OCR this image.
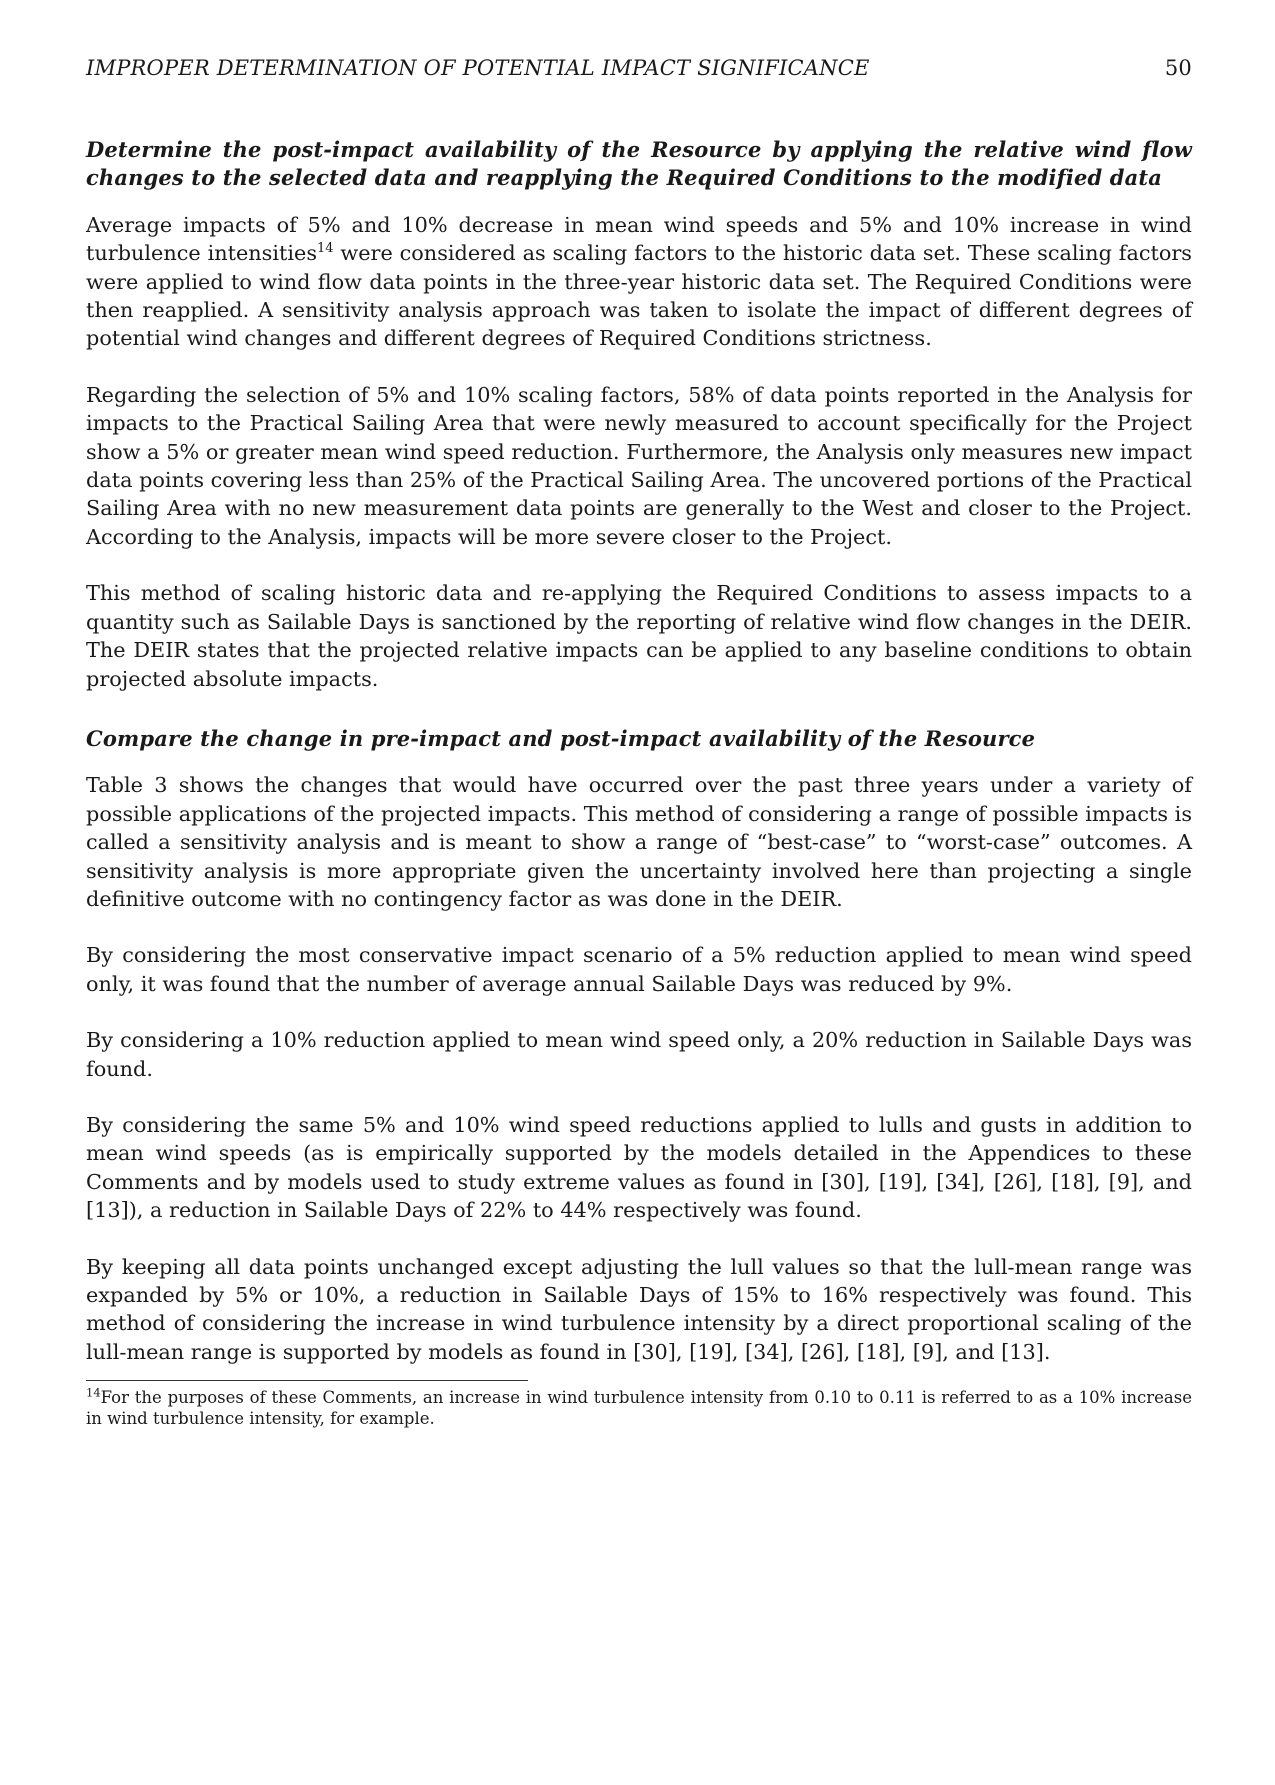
IMPROPER DETERMINATION OF POTENTIAL IMPACT SIGNIFICANCE	50
Determine the post-impact availability of the Resource by applying the relative wind flow changes to the selected data and reapplying the Required Conditions to the modified data

Average impacts of 5% and 10% decrease in mean wind speeds and 5% and 10% increase in wind turbulence intensities$^{14}$ were considered as scaling factors to the historic data set. These scaling factors were applied to wind flow data points in the three-year historic data set. The Required Conditions were then reapplied. A sensitivity analysis approach was taken to isolate the impact of different degrees of potential wind changes and different degrees of Required Conditions strictness.

Regarding the selection of 5% and 10% scaling factors, 58% of data points reported in the Analysis for impacts to the Practical Sailing Area that were newly measured to account specifically for the Project show a 5% or greater mean wind speed reduction. Furthermore, the Analysis only measures new impact data points covering less than 25% of the Practical Sailing Area. The uncovered portions of the Practical Sailing Area with no new measurement data points are generally to the West and closer to the Project. According to the Analysis, impacts will be more severe closer to the Project.

This method of scaling historic data and re-applying the Required Conditions to assess impacts to a quantity such as Sailable Days is sanctioned by the reporting of relative wind flow changes in the DEIR. The DEIR states that the projected relative impacts can be applied to any baseline conditions to obtain projected absolute impacts.

Compare the change in pre-impact and post-impact availability of the Resource

Table 3 shows the changes that would have occurred over the past three years under a variety of possible applications of the projected impacts. This method of considering a range of possible impacts is called a sensitivity analysis and is meant to show a range of “best-case” to “worst-case” outcomes. A sensitivity analysis is more appropriate given the uncertainty involved here than projecting a single definitive outcome with no contingency factor as was done in the DEIR.

By considering the most conservative impact scenario of a 5% reduction applied to mean wind speed only, it was found that the number of average annual Sailable Days was reduced by 9%.

By considering a 10% reduction applied to mean wind speed only, a 20% reduction in Sailable Days was found.

By considering the same 5% and 10% wind speed reductions applied to lulls and gusts in addition to mean wind speeds (as is empirically supported by the models detailed in the Appendices to these Comments and by models used to study extreme values as found in [30], [19], [34], [26], [18], [9], and [13]), a reduction in Sailable Days of 22% to 44% respectively was found.

By keeping all data points unchanged except adjusting the lull values so that the lull-mean range was expanded by 5% or 10%, a reduction in Sailable Days of 15% to 16% respectively was found. This method of considering the increase in wind turbulence intensity by a direct proportional scaling of the lull-mean range is supported by models as found in [30], [19], [34], [26], [18], [9], and [13].

$^{14}$For the purposes of these Comments, an increase in wind turbulence intensity from 0.10 to 0.11 is referred to as a 10% increase in wind turbulence intensity, for example.
